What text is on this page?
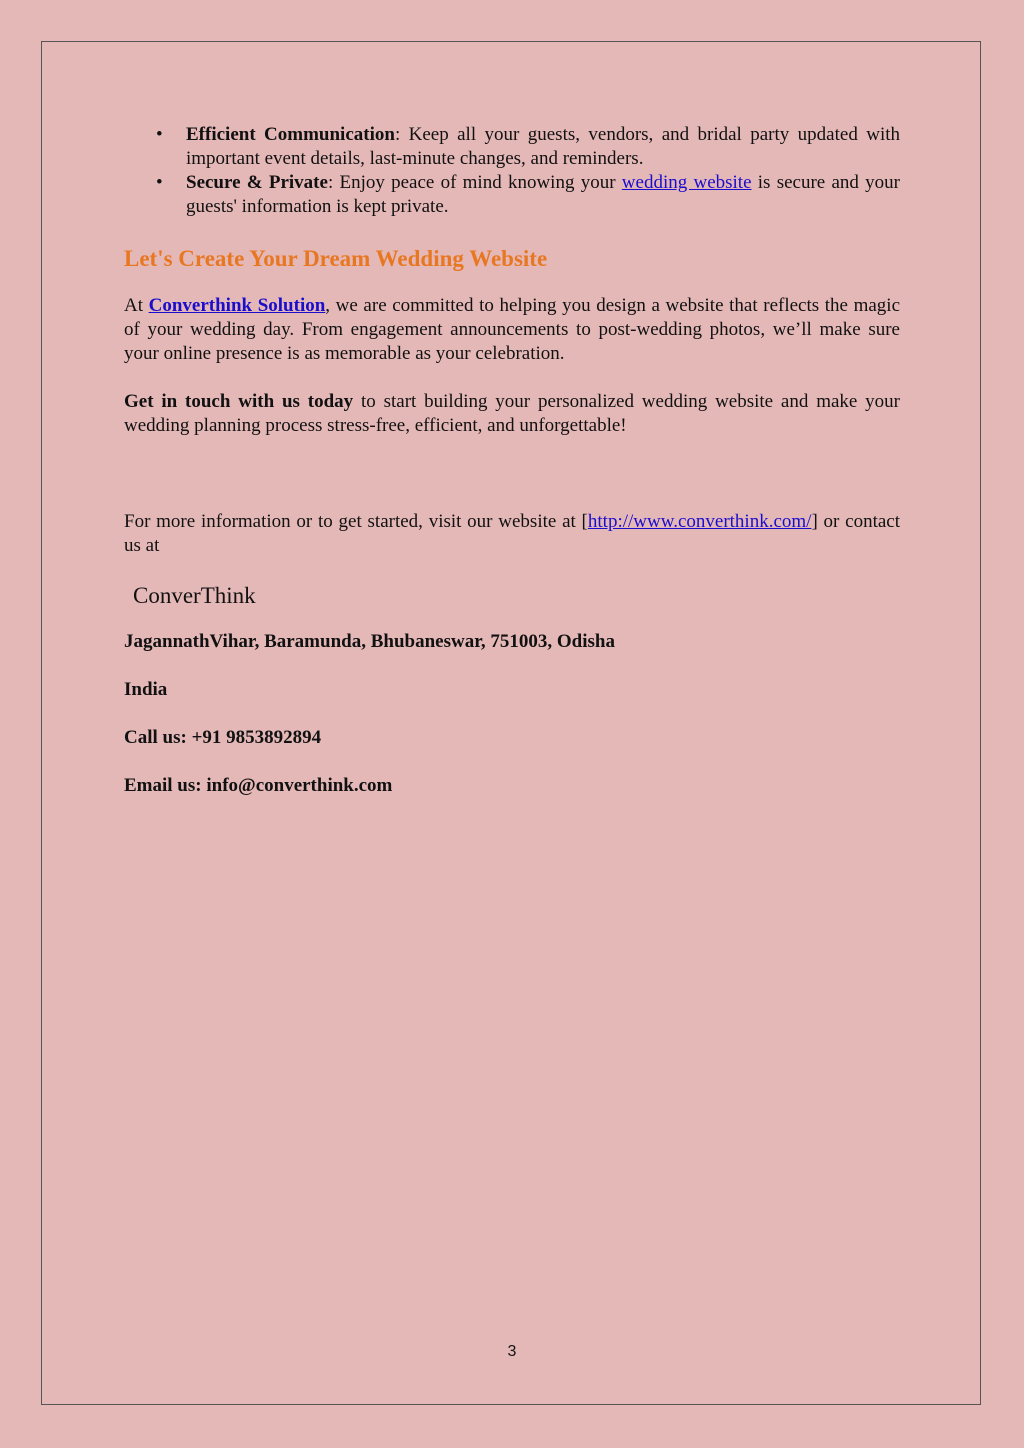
• Efficient Communication: Keep all your guests, vendors, and bridal party updated with important event details, last-minute changes, and reminders.
• Secure & Private: Enjoy peace of mind knowing your wedding website is secure and your guests' information is kept private.
Let's Create Your Dream Wedding Website

At Converthink Solution, we are committed to helping you design a website that reflects the magic of your wedding day. From engagement announcements to post-wedding photos, we’ll make sure your online presence is as memorable as your celebration.

Get in touch with us today to start building your personalized wedding website and make your wedding planning process stress-free, efficient, and unforgettable!

For more information or to get started, visit our website at [http://www.converthink.com/] or contact us at

ConverThink

JagannathVihar, Baramunda, Bhubaneswar, 751003, Odisha

India

Call us: +91 9853892894

Email us: info@converthink.com

3
